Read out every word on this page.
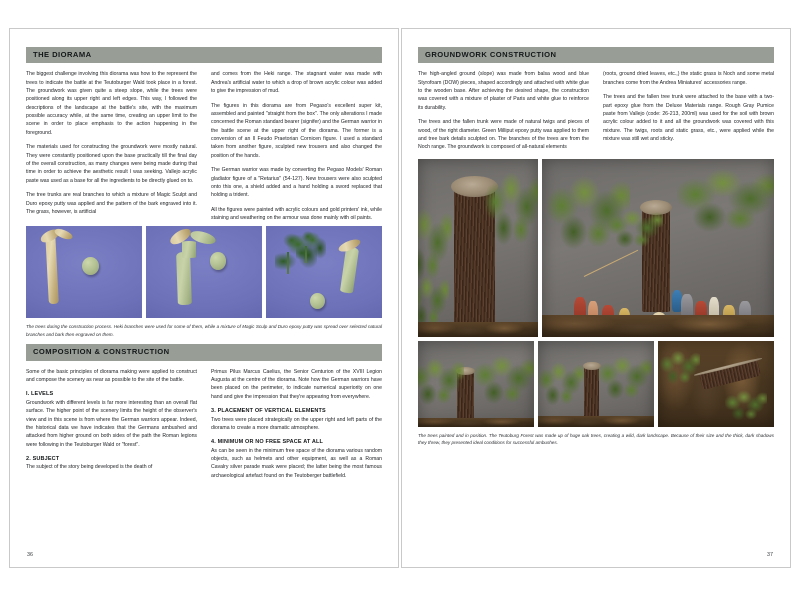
THE DIORAMA

The biggest challenge involving this diorama was how to the represent the trees to indicate the battle at the Teutoburger Wald took place in a forest. The groundwork was given quite a steep slope, while the trees were positioned along its upper right and left edges. This way, I followed the descriptions of the landscape at the battle's site, with the maximum possible accuracy while, at the same time, creating an upper limit to the scene in order to place emphasis to the action happening in the foreground.

The materials used for constructing the groundwork were mostly natural. They were constantly positioned upon the base practically till the final day of the overall construction, as many changes were being made during that time in order to achieve the aesthetic result I was seeking. Vallejo acrylic paste was used as a base for all the ingredients to be directly glued on to.

The tree trunks are real branches to which a mixture of Magic Sculpt and Duro epoxy putty was applied and the pattern of the bark engraved into it. The grass, however, is artificial

and comes from the Heki range. The stagnant water was made with Andrea's artificial water to which a drop of brown acrylic colour was added to give the impression of mud.

The figures in this diorama are from Pegaso's excellent super kit, assembled and painted "straight from the box". The only alterations I made concerned the Roman standard bearer (signifer) and the German warrior in the battle scene at the upper right of the diorama. The former is a conversion of an Il Feudo Praetorian Cornicen figure. I used a standard taken from another figure, sculpted new trousers and also changed the position of the hands.

The German warrior was made by converting the Pegaso Models' Roman gladiator figure of a "Retarius" (54-127). New trousers were also sculpted onto this one, a shield added and a hand holding a sword replaced that holding a trident.

All the figures were painted with acrylic colours and gold printers' ink, while staining and weathering on the armour was done mainly with oil paints.

The trees during the construction process. Heki branches were used for some of them, while a mixture of Magic Sculp and Duro epoxy putty was spread over selected natural branches and bark then engraved on them.

COMPOSITION & CONSTRUCTION

Some of the basic principles of diorama making were applied to construct and compose the scenery as near as possible to the site of the battle.

I. LEVELS

Groundwork with different levels is far more interesting than an overall flat surface. The higher point of the scenery limits the height of the observer's view and in this scene is from where the German warriors appear. Indeed, the historical data we have indicates that the Germans ambushed and attacked from higher ground on both sides of the path the Roman legions were following in the Teutoburger Wald or "forest".

2. SUBJECT

The subject of the story being developed is the death of

Primus Pilus Marcus Caelius, the Senior Centurion of the XVIII Legion Augusta at the centre of the diorama. Note how the German warriors have been placed on the perimeter, to indicate numerical superiority on one hand and give the impression that they're appearing from everywhere.

3. PLACEMENT OF VERTICAL ELEMENTS

Two trees were placed strategically on the upper right and left parts of the diorama to create a more dramatic atmosphere.

4. MINIMUM OR NO FREE SPACE AT ALL

As can be seen in the minimum free space of the diorama various random objects, such as helmets and other equipment, as well as a Roman Cavalry silver parade mask were placed; the latter being the most famous archaeological artefact found on the Teutoberger battlefield.

36
GROUNDWORK CONSTRUCTION

The high-angled ground (slope) was made from balsa wood and blue Styrofoam (DOW) pieces, shaped accordingly and attached with white glue to the wooden base. After achieving the desired shape, the construction was covered with a mixture of plaster of Paris and white glue to reinforce its durability.

The trees and the fallen trunk were made of natural twigs and pieces of wood, of the right diameter. Green Milliput epoxy putty was applied to them and tree bark details sculpted on. The branches of the trees are from the Noch range. The groundwork is composed of all-natural elements

(roots, ground dried leaves, etc.,) the static grass is Noch and some metal branches come from the Andrea Miniatures' accessories range.

The trees and the fallen tree trunk were attached to the base with a two-part epoxy glue from the Deluxe Materials range. Rough Gray Pumice paste from Vallejo (code: 26-213, 200ml) was used for the soil with brown acrylic colour added to it and all the groundwork was covered with this mixture. The twigs, roots and static grass, etc., were applied while the mixture was still wet and sticky.

The trees painted and in position. The Teutoburg Forest was made up of huge oak trees, creating a wild, dark landscape. Because of their size and the thick, dark shadows they threw, they presented ideal conditions for successful ambushes.

37
